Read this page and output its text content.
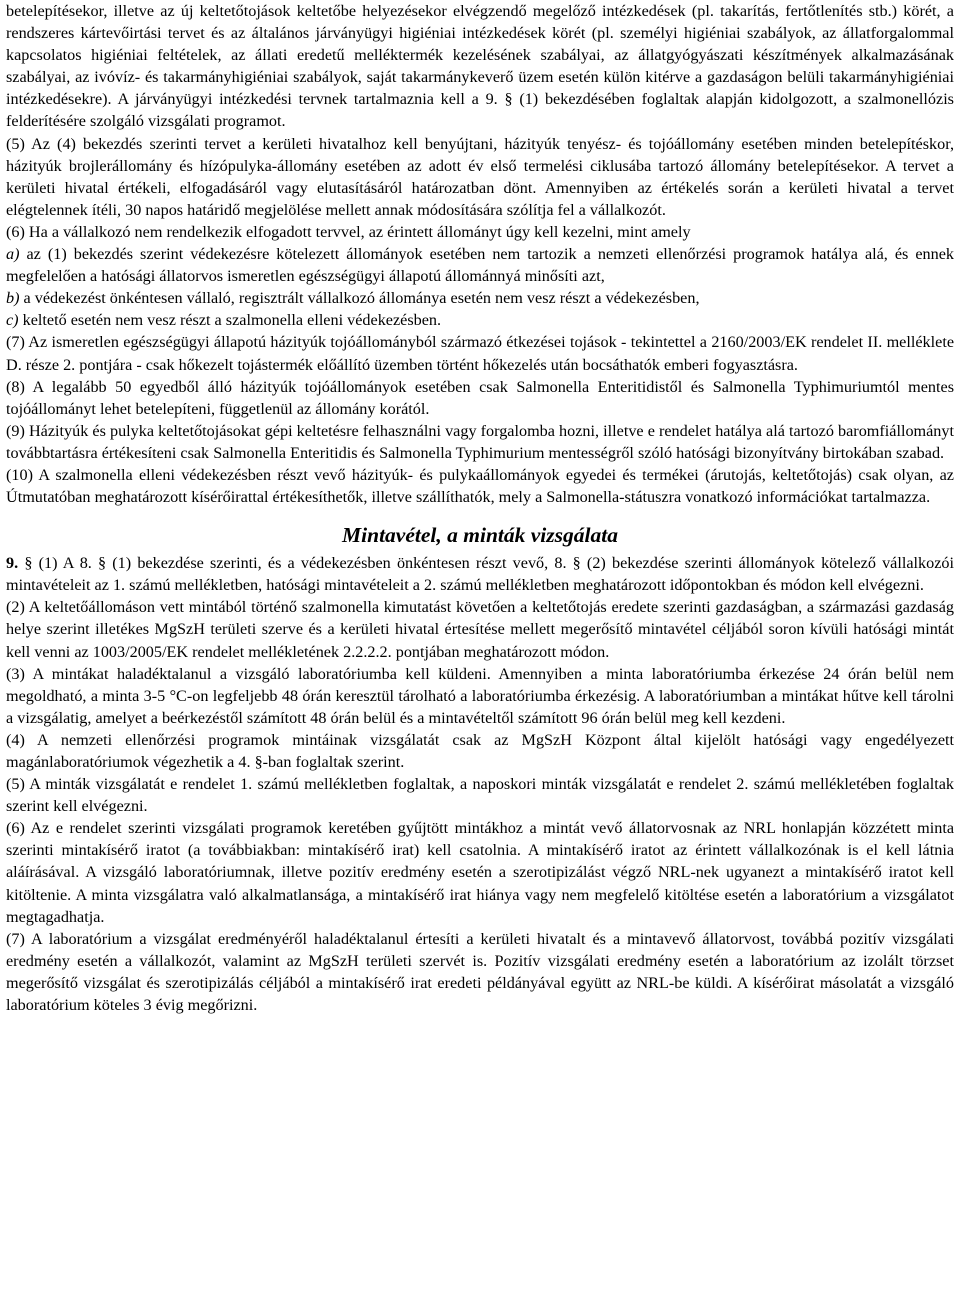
betelepítésekor, illetve az új keltetőtojások keltetőbe helyezésekor elvégzendő megelőző intézkedések (pl. takarítás, fertőtlenítés stb.) körét, a rendszeres kártevőirtási tervet és az általános járványügyi higiéniai intézkedések körét (pl. személyi higiéniai szabályok, az állatforgalommal kapcsolatos higiéniai feltételek, az állati eredetű melléktermék kezelésének szabályai, az állatgyógyászati készítmények alkalmazásának szabályai, az ivóvíz- és takarmányhigiéniai szabályok, saját takarmánykeverő üzem esetén külön kitérve a gazdaságon belüli takarmányhigiéniai intézkedésekre). A járványügyi intézkedési tervnek tartalmaznia kell a 9. § (1) bekezdésében foglaltak alapján kidolgozott, a szalmonellózis felderítésére szolgáló vizsgálati programot.

(5) Az (4) bekezdés szerinti tervet a kerületi hivatalhoz kell benyújtani, házityúk tenyész- és tojóállomány esetében minden betelepítéskor, házityúk brojlerállomány és hízópulyka-állomány esetében az adott év első termelési ciklusába tartozó állomány betelepítésekor. A tervet a kerületi hivatal értékeli, elfogadásáról vagy elutasításáról határozatban dönt. Amennyiben az értékelés során a kerületi hivatal a tervet elégtelennek ítéli, 30 napos határidő megjelölése mellett annak módosítására szólítja fel a vállalkozót.

(6) Ha a vállalkozó nem rendelkezik elfogadott tervvel, az érintett állományt úgy kell kezelni, mint amely

a) az (1) bekezdés szerint védekezésre kötelezett állományok esetében nem tartozik a nemzeti ellenőrzési programok hatálya alá, és ennek megfelelően a hatósági állatorvos ismeretlen egészségügyi állapotú állománnyá minősíti azt,

b) a védekezést önkéntesen vállaló, regisztrált vállalkozó állománya esetén nem vesz részt a védekezésben,

c) keltető esetén nem vesz részt a szalmonella elleni védekezésben.

(7) Az ismeretlen egészségügyi állapotú házityúk tojóállományból származó étkezései tojások - tekintettel a 2160/2003/EK rendelet II. melléklete D. része 2. pontjára - csak hőkezelt tojástermék előállító üzemben történt hőkezelés után bocsáthatók emberi fogyasztásra.

(8) A legalább 50 egyedből álló házityúk tojóállományok esetében csak Salmonella Enteritidistől és Salmonella Typhimuriumtól mentes tojóállományt lehet betelepíteni, függetlenül az állomány korától.

(9) Házityúk és pulyka keltetőtojásokat gépi keltetésre felhasználni vagy forgalomba hozni, illetve e rendelet hatálya alá tartozó baromfiállományt továbbtartásra értékesíteni csak Salmonella Enteritidis és Salmonella Typhimurium mentességről szóló hatósági bizonyítvány birtokában szabad.

(10) A szalmonella elleni védekezésben részt vevő házityúk- és pulykaállományok egyedei és termékei (árutojás, keltetőtojás) csak olyan, az Útmutatóban meghatározott kísérőirattal értékesíthetők, illetve szállíthatók, mely a Salmonella-státuszra vonatkozó információkat tartalmazza.

Mintavétel, a minták vizsgálata

9. § (1) A 8. § (1) bekezdése szerinti, és a védekezésben önkéntesen részt vevő, 8. § (2) bekezdése szerinti állományok kötelező vállalkozói mintavételeit az 1. számú mellékletben, hatósági mintavételeit a 2. számú mellékletben meghatározott időpontokban és módon kell elvégezni.

(2) A keltetőállomáson vett mintából történő szalmonella kimutatást követően a keltetőtojás eredete szerinti gazdaságban, a származási gazdaság helye szerint illetékes MgSzH területi szerve és a kerületi hivatal értesítése mellett megerősítő mintavétel céljából soron kívüli hatósági mintát kell venni az 1003/2005/EK rendelet mellékletének 2.2.2.2. pontjában meghatározott módon.

(3) A mintákat haladéktalanul a vizsgáló laboratóriumba kell küldeni. Amennyiben a minta laboratóriumba érkezése 24 órán belül nem megoldható, a minta 3-5 °C-on legfeljebb 48 órán keresztül tárolható a laboratóriumba érkezésig. A laboratóriumban a mintákat hűtve kell tárolni a vizsgálatig, amelyet a beérkezéstől számított 48 órán belül és a mintavételtől számított 96 órán belül meg kell kezdeni.

(4) A nemzeti ellenőrzési programok mintáinak vizsgálatát csak az MgSzH Központ által kijelölt hatósági vagy engedélyezett magánlaboratóriumok végezhetik a 4. §-ban foglaltak szerint.

(5) A minták vizsgálatát e rendelet 1. számú mellékletben foglaltak, a naposkori minták vizsgálatát e rendelet 2. számú mellékletében foglaltak szerint kell elvégezni.

(6) Az e rendelet szerinti vizsgálati programok keretében gyűjtött mintákhoz a mintát vevő állatorvosnak az NRL honlapján közzétett minta szerinti mintakísérő iratot (a továbbiakban: mintakísérő irat) kell csatolnia. A mintakísérő iratot az érintett vállalkozónak is el kell látnia aláírásával. A vizsgáló laboratóriumnak, illetve pozitív eredmény esetén a szerotipizálást végző NRL-nek ugyanezt a mintakísérő iratot kell kitöltenie. A minta vizsgálatra való alkalmatlansága, a mintakísérő irat hiánya vagy nem megfelelő kitöltése esetén a laboratórium a vizsgálatot megtagadhatja.

(7) A laboratórium a vizsgálat eredményéről haladéktalanul értesíti a kerületi hivatalt és a mintavevő állatorvost, továbbá pozitív vizsgálati eredmény esetén a vállalkozót, valamint az MgSzH területi szervét is. Pozitív vizsgálati eredmény esetén a laboratórium az izolált törzset megerősítő vizsgálat és szerotipizálás céljából a mintakísérő irat eredeti példányával együtt az NRL-be küldi. A kísérőirat másolatát a vizsgáló laboratórium köteles 3 évig megőrizni.
